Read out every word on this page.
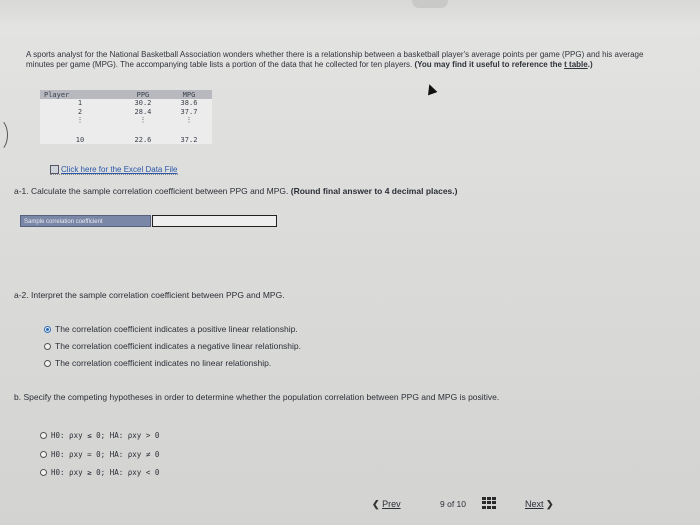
A sports analyst for the National Basketball Association wonders whether there is a relationship between a basketball player's average points per game (PPG) and his average minutes per game (MPG). The accompanying table lists a portion of the data that he collected for ten players. (You may find it useful to reference the t table.)
Player	PPG	MPG
1	30.2	38.6
2	28.4	37.7
⋮	⋮	⋮
10	22.6	37.2
Click here for the Excel Data File
a-1. Calculate the sample correlation coefficient between PPG and MPG. (Round final answer to 4 decimal places.)
Sample correlation coefficient
a-2. Interpret the sample correlation coefficient between PPG and MPG.
The correlation coefficient indicates a positive linear relationship.
The correlation coefficient indicates a negative linear relationship.
The correlation coefficient indicates no linear relationship.
b. Specify the competing hypotheses in order to determine whether the population correlation between PPG and MPG is positive.
H0: ρxy ≤ 0; HA: ρxy > 0
H0: ρxy = 0; HA: ρxy ≠ 0
H0: ρxy ≥ 0; HA: ρxy < 0
❮ Prev	9 of 10	Next ❯
